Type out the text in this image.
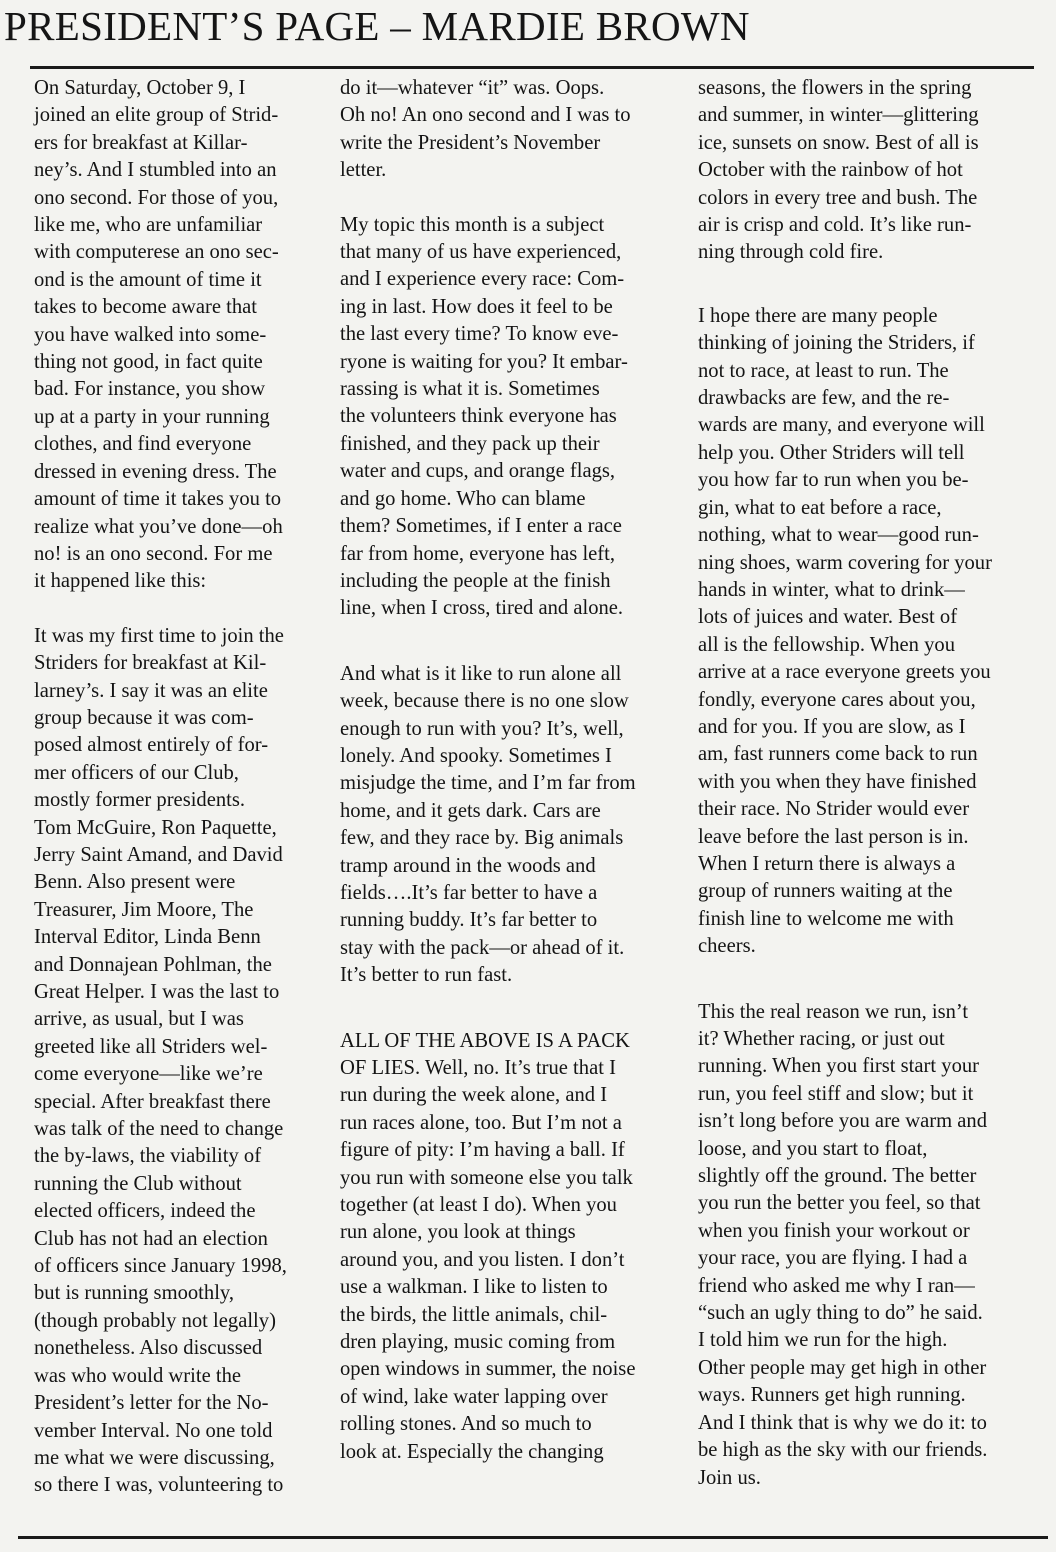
PRESIDENT’S PAGE – MARDIE BROWN

On Saturday, October 9, I
joined an elite group of Strid-
ers for breakfast at Killar-
ney’s. And I stumbled into an
ono second. For those of you,
like me, who are unfamiliar
with computerese an ono sec-
ond is the amount of time it
takes to become aware that
you have walked into some-
thing not good, in fact quite
bad. For instance, you show
up at a party in your running
clothes, and find everyone
dressed in evening dress. The
amount of time it takes you to
realize what you’ve done—oh
no! is an ono second. For me
it happened like this:

It was my first time to join the
Striders for breakfast at Kil-
larney’s. I say it was an elite
group because it was com-
posed almost entirely of for-
mer officers of our Club,
mostly former presidents.
Tom McGuire, Ron Paquette,
Jerry Saint Amand, and David
Benn. Also present were
Treasurer, Jim Moore, The
Interval Editor, Linda Benn
and Donnajean Pohlman, the
Great Helper. I was the last to
arrive, as usual, but I was
greeted like all Striders wel-
come everyone—like we’re
special. After breakfast there
was talk of the need to change
the by-laws, the viability of
running the Club without
elected officers, indeed the
Club has not had an election
of officers since January 1998,
but is running smoothly,
(though probably not legally)
nonetheless. Also discussed
was who would write the
President’s letter for the No-
vember Interval. No one told
me what we were discussing,
so there I was, volunteering to

do it—whatever “it” was. Oops.
Oh no! An ono second and I was to
write the President’s November
letter.

My topic this month is a subject
that many of us have experienced,
and I experience every race: Com-
ing in last. How does it feel to be
the last every time? To know eve-
ryone is waiting for you? It embar-
rassing is what it is. Sometimes
the volunteers think everyone has
finished, and they pack up their
water and cups, and orange flags,
and go home. Who can blame
them? Sometimes, if I enter a race
far from home, everyone has left,
including the people at the finish
line, when I cross, tired and alone.

And what is it like to run alone all
week, because there is no one slow
enough to run with you? It’s, well,
lonely. And spooky. Sometimes I
misjudge the time, and I’m far from
home, and it gets dark. Cars are
few, and they race by. Big animals
tramp around in the woods and
fields….It’s far better to have a
running buddy. It’s far better to
stay with the pack—or ahead of it.
It’s better to run fast.

ALL OF THE ABOVE IS A PACK
OF LIES. Well, no. It’s true that I
run during the week alone, and I
run races alone, too. But I’m not a
figure of pity: I’m having a ball. If
you run with someone else you talk
together (at least I do). When you
run alone, you look at things
around you, and you listen. I don’t
use a walkman. I like to listen to
the birds, the little animals, chil-
dren playing, music coming from
open windows in summer, the noise
of wind, lake water lapping over
rolling stones. And so much to
look at. Especially the changing

seasons, the flowers in the spring
and summer, in winter—glittering
ice, sunsets on snow. Best of all is
October with the rainbow of hot
colors in every tree and bush. The
air is crisp and cold. It’s like run-
ning through cold fire.

I hope there are many people
thinking of joining the Striders, if
not to race, at least to run. The
drawbacks are few, and the re-
wards are many, and everyone will
help you. Other Striders will tell
you how far to run when you be-
gin, what to eat before a race,
nothing, what to wear—good run-
ning shoes, warm covering for your
hands in winter, what to drink—
lots of juices and water. Best of
all is the fellowship. When you
arrive at a race everyone greets you
fondly, everyone cares about you,
and for you. If you are slow, as I
am, fast runners come back to run
with you when they have finished
their race. No Strider would ever
leave before the last person is in.
When I return there is always a
group of runners waiting at the
finish line to welcome me with
cheers.

This the real reason we run, isn’t
it? Whether racing, or just out
running. When you first start your
run, you feel stiff and slow; but it
isn’t long before you are warm and
loose, and you start to float,
slightly off the ground. The better
you run the better you feel, so that
when you finish your workout or
your race, you are flying. I had a
friend who asked me why I ran—
“such an ugly thing to do” he said.
I told him we run for the high.
Other people may get high in other
ways. Runners get high running.
And I think that is why we do it: to
be high as the sky with our friends.
Join us.
